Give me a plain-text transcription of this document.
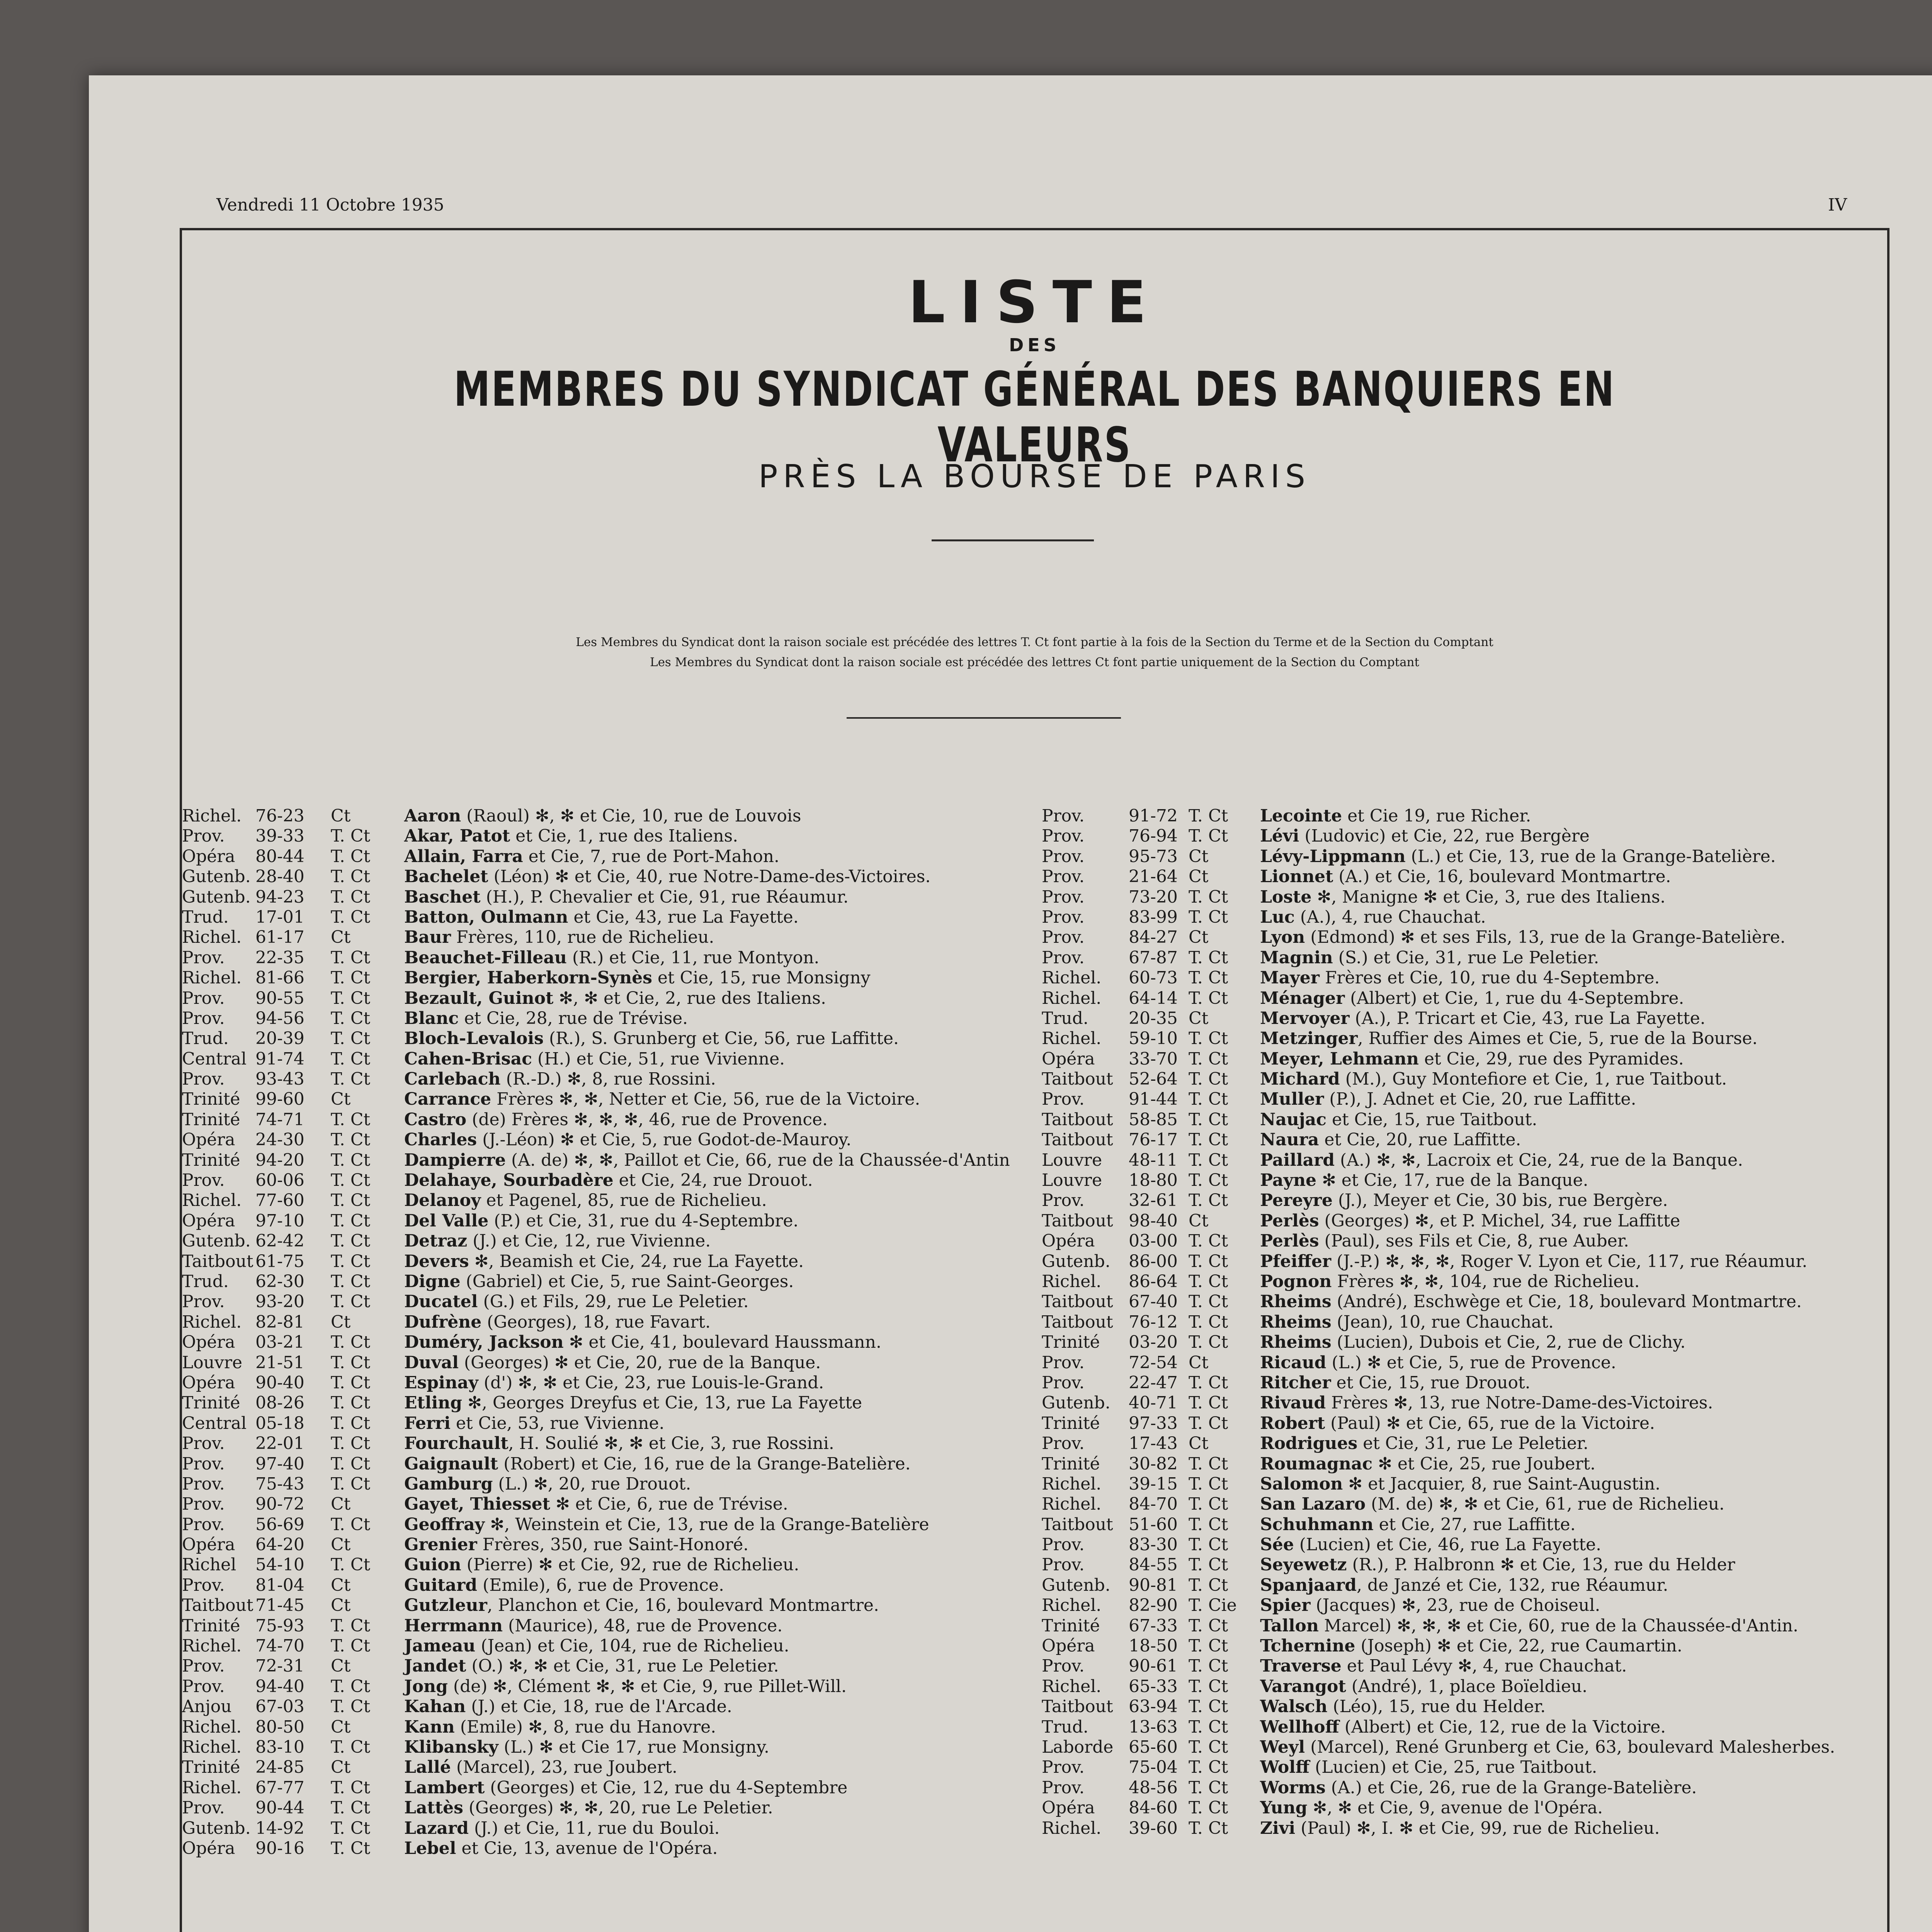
Vendredi 11 Octobre 1935	IV
LISTE
DES
MEMBRES DU SYNDICAT GÉNÉRAL DES BANQUIERS EN VALEURS
PRÈS LA BOURSE DE PARIS
Les Membres du Syndicat dont la raison sociale est précédée des lettres T. Ct font partie à la fois de la Section du Terme et de la Section du Comptant
Les Membres du Syndicat dont la raison sociale est précédée des lettres Ct font partie uniquement de la Section du Comptant
Richel. 76-23 Ct	Aaron (Raoul) ✻, ✻ et Cie, 10, rue de Louvois
Prov. 39-33 T. Ct Akar, Patot et Cie, 1, rue des Italiens.
Opéra 80-44 T. Ct Allain, Farra et Cie, 7, rue de Port-Mahon.
Gutenb. 28-40 T. Ct Bachelet (Léon) ✻ et Cie, 40, rue Notre-Dame-des-Victoires.
Gutenb. 94-23 T. Ct Baschet (H.), P. Chevalier et Cie, 91, rue Réaumur.
Trud. 17-01 T. Ct Batton, Oulmann et Cie, 43, rue La Fayette.
Richel. 61-17 Ct	Baur Frères, 110, rue de Richelieu.
Prov. 22-35 T. Ct Beauchet-Filleau (R.) et Cie, 11, rue Montyon.
Richel. 81-66 T. Ct Bergier, Haberkorn-Synès et Cie, 15, rue Monsigny
Prov. 90-55 T. Ct Bezault, Guinot ✻, ✻ et Cie, 2, rue des Italiens.
Prov. 94-56 T. Ct Blanc et Cie, 28, rue de Trévise.
Trud. 20-39 T. Ct Bloch-Levalois (R.), S. Grunberg et Cie, 56, rue Laffitte.
Central 91-74 T. Ct Cahen-Brisac (H.) et Cie, 51, rue Vivienne.
Prov. 93-43 T. Ct Carlebach (R.-D.) ✻, 8, rue Rossini.
Trinité 99-60 Ct	Carrance Frères ✻, ✻, Netter et Cie, 56, rue de la Victoire.
Trinité 74-71 T. Ct Castro (de) Frères ✻, ✻, ✻, 46, rue de Provence.
Opéra 24-30 T. Ct Charles (J.-Léon) ✻ et Cie, 5, rue Godot-de-Mauroy.
Trinité 94-20 T. Ct Dampierre (A. de) ✻, ✻, Paillot et Cie, 66, rue de la Chaussée-d'Antin
Prov. 60-06 T. Ct Delahaye, Sourbadère et Cie, 24, rue Drouot.
Richel. 77-60 T. Ct Delanoy et Pagenel, 85, rue de Richelieu.
Opéra 97-10 T. Ct Del Valle (P.) et Cie, 31, rue du 4-Septembre.
Gutenb. 62-42 T. Ct Detraz (J.) et Cie, 12, rue Vivienne.
Taitbout 61-75 T. Ct Devers ✻, Beamish et Cie, 24, rue La Fayette.
Trud. 62-30 T. Ct Digne (Gabriel) et Cie, 5, rue Saint-Georges.
Prov. 93-20 T. Ct Ducatel (G.) et Fils, 29, rue Le Peletier.
Richel. 82-81 Ct	Dufrène (Georges), 18, rue Favart.
Opéra 03-21 T. Ct Duméry, Jackson ✻ et Cie, 41, boulevard Haussmann.
Louvre 21-51 T. Ct Duval (Georges) ✻ et Cie, 20, rue de la Banque.
Opéra 90-40 T. Ct Espinay (d') ✻, ✻ et Cie, 23, rue Louis-le-Grand.
Trinité 08-26 T. Ct Etling ✻, Georges Dreyfus et Cie, 13, rue La Fayette
Central 05-18 T. Ct Ferri et Cie, 53, rue Vivienne.
Prov. 22-01 T. Ct Fourchault, H. Soulié ✻, ✻ et Cie, 3, rue Rossini.
Prov. 97-40 T. Ct Gaignault (Robert) et Cie, 16, rue de la Grange-Batelière.
Prov. 75-43 T. Ct Gamburg (L.) ✻, 20, rue Drouot.
Prov. 90-72 Ct	Gayet, Thiesset ✻ et Cie, 6, rue de Trévise.
Prov. 56-69 T. Ct Geoffray ✻, Weinstein et Cie, 13, rue de la Grange-Batelière
Opéra 64-20 Ct	Grenier Frères, 350, rue Saint-Honoré.
Richel 54-10 T. Ct Guion (Pierre) ✻ et Cie, 92, rue de Richelieu.
Prov. 81-04 Ct	Guitard (Emile), 6, rue de Provence.
Taitbout 71-45 Ct	Gutzleur, Planchon et Cie, 16, boulevard Montmartre.
Trinité 75-93 T. Ct Herrmann (Maurice), 48, rue de Provence.
Richel. 74-70 T. Ct Jameau (Jean) et Cie, 104, rue de Richelieu.
Prov. 72-31 Ct	Jandet (O.) ✻, ✻ et Cie, 31, rue Le Peletier.
Prov. 94-40 T. Ct Jong (de) ✻, Clément ✻, ✻ et Cie, 9, rue Pillet-Will.
Anjou 67-03 T. Ct Kahan (J.) et Cie, 18, rue de l'Arcade.
Richel. 80-50 Ct	Kann (Emile) ✻, 8, rue du Hanovre.
Richel. 83-10 T. Ct Klibansky (L.) ✻ et Cie 17, rue Monsigny.
Trinité 24-85 Ct	Lallé (Marcel), 23, rue Joubert.
Richel. 67-77 T. Ct Lambert (Georges) et Cie, 12, rue du 4-Septembre
Prov. 90-44 T. Ct Lattès (Georges) ✻, ✻, 20, rue Le Peletier.
Gutenb. 14-92 T. Ct Lazard (J.) et Cie, 11, rue du Bouloi.
Opéra 90-16 T. Ct Lebel et Cie, 13, avenue de l'Opéra.
Prov.	91-72 T. Ct Lecointe et Cie 19, rue Richer.
Prov.	76-94 T. Ct Lévi (Ludovic) et Cie, 22, rue Bergère
Prov.	95-73 Ct	Lévy-Lippmann (L.) et Cie, 13, rue de la Grange-Batelière.
Prov.	21-64 Ct	Lionnet (A.) et Cie, 16, boulevard Montmartre.
Prov.	73-20 T. Ct Loste ✻, Manigne ✻ et Cie, 3, rue des Italiens.
Prov.	83-99 T. Ct Luc (A.), 4, rue Chauchat.
Prov.	84-27 Ct	Lyon (Edmond) ✻ et ses Fils, 13, rue de la Grange-Batelière.
Prov.	67-87 T. Ct Magnin (S.) et Cie, 31, rue Le Peletier.
Richel. 60-73 T. Ct Mayer Frères et Cie, 10, rue du 4-Septembre.
Richel. 64-14 T. Ct Ménager (Albert) et Cie, 1, rue du 4-Septembre.
Trud. 20-35 Ct	Mervoyer (A.), P. Tricart et Cie, 43, rue La Fayette.
Richel. 59-10 T. Ct Metzinger, Ruffier des Aimes et Cie, 5, rue de la Bourse.
Opéra 33-70 T. Ct Meyer, Lehmann et Cie, 29, rue des Pyramides.
Taitbout 52-64 T. Ct Michard (M.), Guy Montefiore et Cie, 1, rue Taitbout.
Prov.	91-44 T. Ct Muller (P.), J. Adnet et Cie, 20, rue Laffitte.
Taitbout 58-85 T. Ct Naujac et Cie, 15, rue Taitbout.
Taitbout 76-17 T. Ct Naura et Cie, 20, rue Laffitte.
Louvre 48-11 T. Ct Paillard (A.) ✻, ✻, Lacroix et Cie, 24, rue de la Banque.
Louvre 18-80 T. Ct Payne ✻ et Cie, 17, rue de la Banque.
Prov.	32-61 T. Ct Pereyre (J.), Meyer et Cie, 30 bis, rue Bergère.
Taitbout 98-40 Ct	Perlès (Georges) ✻, et P. Michel, 34, rue Laffitte
Opéra 03-00 T. Ct Perlès (Paul), ses Fils et Cie, 8, rue Auber.
Gutenb. 86-00 T. Ct Pfeiffer (J.-P.) ✻, ✻, ✻, Roger V. Lyon et Cie, 117, rue Réaumur.
Richel. 86-64 T. Ct Pognon Frères ✻, ✻, 104, rue de Richelieu.
Taitbout 67-40 T. Ct Rheims (André), Eschwège et Cie, 18, boulevard Montmartre.
Taitbout 76-12 T. Ct Rheims (Jean), 10, rue Chauchat.
Trinité 03-20 T. Ct Rheims (Lucien), Dubois et Cie, 2, rue de Clichy.
Prov.	72-54 Ct	Ricaud (L.) ✻ et Cie, 5, rue de Provence.
Prov.	22-47 T. Ct Ritcher et Cie, 15, rue Drouot.
Gutenb. 40-71 T. Ct Rivaud Frères ✻, 13, rue Notre-Dame-des-Victoires.
Trinité 97-33 T. Ct Robert (Paul) ✻ et Cie, 65, rue de la Victoire.
Prov.	17-43 Ct	Rodrigues et Cie, 31, rue Le Peletier.
Trinité 30-82 T. Ct Roumagnac ✻ et Cie, 25, rue Joubert.
Richel. 39-15 T. Ct Salomon ✻ et Jacquier, 8, rue Saint-Augustin.
Richel. 84-70 T. Ct San Lazaro (M. de) ✻, ✻ et Cie, 61, rue de Richelieu.
Taitbout 51-60 T. Ct Schuhmann et Cie, 27, rue Laffitte.
Prov.	83-30 T. Ct Sée (Lucien) et Cie, 46, rue La Fayette.
Prov.	84-55 T. Ct Seyewetz (R.), P. Halbronn ✻ et Cie, 13, rue du Helder
Gutenb. 90-81 T. Ct Spanjaard, de Janzé et Cie, 132, rue Réaumur.
Richel. 82-90 T. Cie Spier (Jacques) ✻, 23, rue de Choiseul.
Trinité 67-33 T. Ct Tallon Marcel) ✻, ✻, ✻ et Cie, 60, rue de la Chaussée-d'Antin.
Opéra 18-50 T. Ct Tchernine (Joseph) ✻ et Cie, 22, rue Caumartin.
Prov.	90-61 T. Ct Traverse et Paul Lévy ✻, 4, rue Chauchat.
Richel. 65-33 T. Ct Varangot (André), 1, place Boïeldieu.
Taitbout 63-94 T. Ct Walsch (Léo), 15, rue du Helder.
Trud. 13-63 T. Ct Wellhoff (Albert) et Cie, 12, rue de la Victoire.
Laborde 65-60 T. Ct Weyl (Marcel), René Grunberg et Cie, 63, boulevard Malesherbes.
Prov.	75-04 T. Ct Wolff (Lucien) et Cie, 25, rue Taitbout.
Prov.	48-56 T. Ct Worms (A.) et Cie, 26, rue de la Grange-Batelière.
Opéra 84-60 T. Ct Yung ✻, ✻ et Cie, 9, avenue de l'Opéra.
Richel. 39-60 T. Ct Zivi (Paul) ✻, I. ✻ et Cie, 99, rue de Richelieu.
